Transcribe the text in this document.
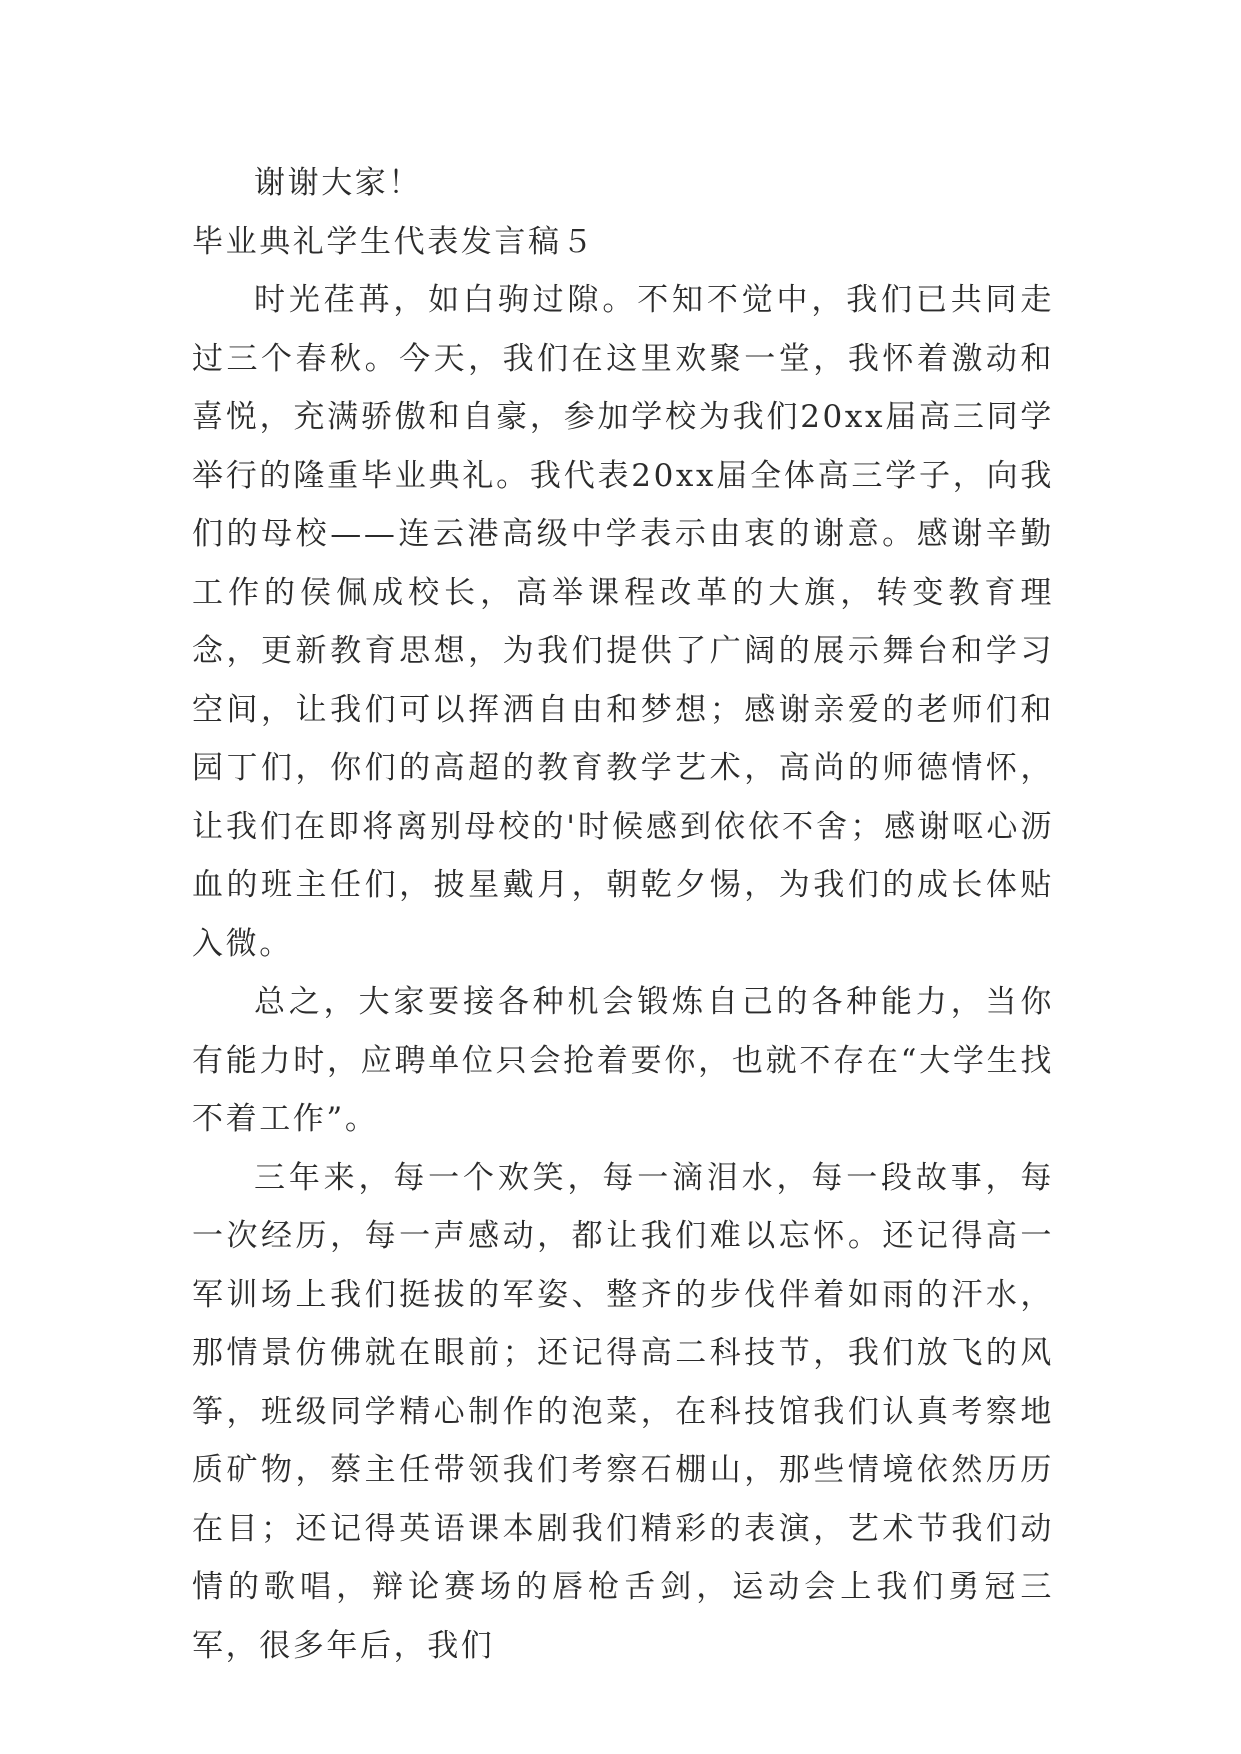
谢谢大家！

毕业典礼学生代表发言稿５

时光荏苒，如白驹过隙。不知不觉中，我们已共同走过三个春秋。今天，我们在这里欢聚一堂，我怀着激动和喜悦，充满骄傲和自豪，参加学校为我们20xx届高三同学举行的隆重毕业典礼。我代表20xx届全体高三学子，向我们的母校——连云港高级中学表示由衷的谢意。感谢辛勤工作的侯佩成校长，高举课程改革的大旗，转变教育理念，更新教育思想，为我们提供了广阔的展示舞台和学习空间，让我们可以挥洒自由和梦想；感谢亲爱的老师们和园丁们，你们的高超的教育教学艺术，高尚的师德情怀，让我们在即将离别母校的'时候感到依依不舍；感谢呕心沥血的班主任们，披星戴月，朝乾夕惕，为我们的成长体贴入微。

总之，大家要接各种机会锻炼自己的各种能力，当你有能力时，应聘单位只会抢着要你，也就不存在“大学生找不着工作”。

三年来，每一个欢笑，每一滴泪水，每一段故事，每一次经历，每一声感动，都让我们难以忘怀。还记得高一军训场上我们挺拔的军姿、整齐的步伐伴着如雨的汗水，那情景仿佛就在眼前；还记得高二科技节，我们放飞的风筝，班级同学精心制作的泡菜，在科技馆我们认真考察地质矿物，蔡主任带领我们考察石棚山，那些情境依然历历在目；还记得英语课本剧我们精彩的表演，艺术节我们动情的歌唱，辩论赛场的唇枪舌剑，运动会上我们勇冠三军，很多年后，我们
